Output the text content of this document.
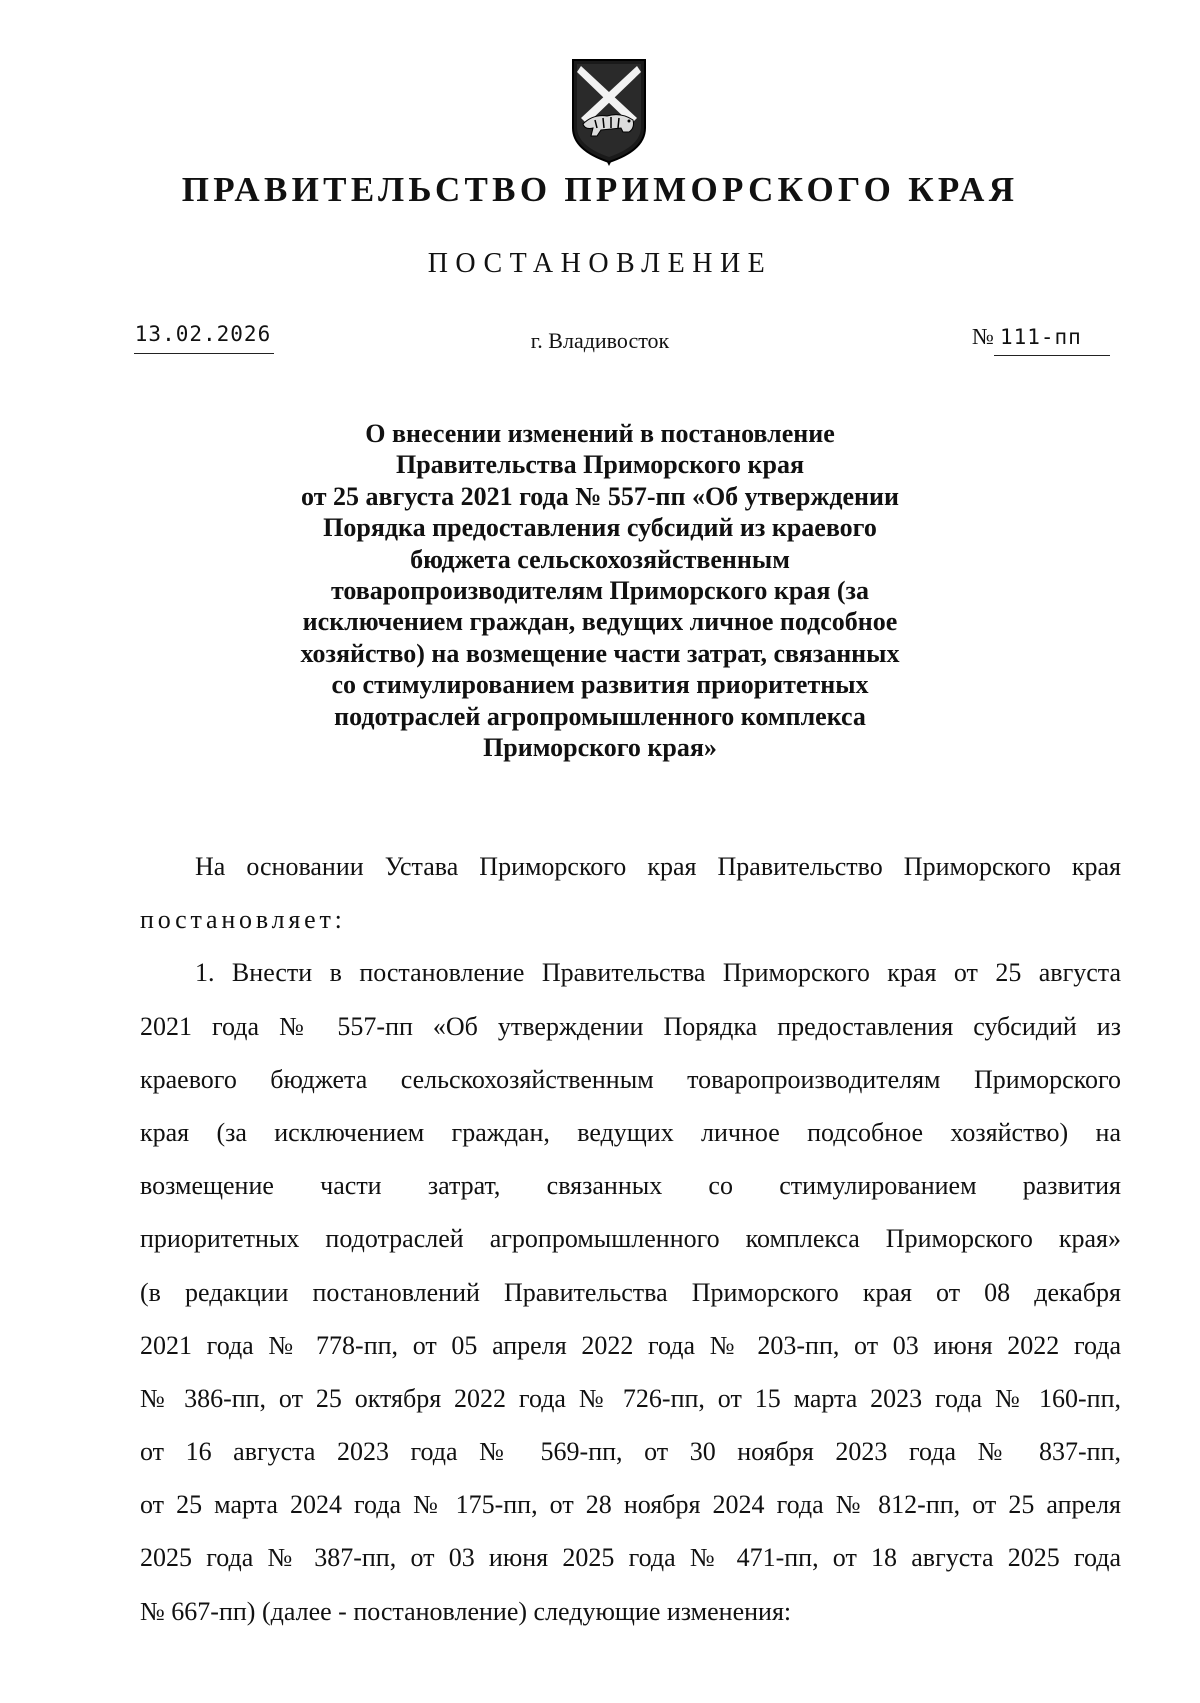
ПРАВИТЕЛЬСТВО ПРИМОРСКОГО КРАЯ
ПОСТАНОВЛЕНИЕ
13.02.2026	г. Владивосток	№ 111-пп
О внесении изменений в постановление
Правительства Приморского края
от 25 августа 2021 года № 557-пп «Об утверждении
Порядка предоставления субсидий из краевого
бюджета сельскохозяйственным
товаропроизводителям Приморского края (за
исключением граждан, ведущих личное подсобное
хозяйство) на возмещение части затрат, связанных
со стимулированием развития приоритетных
подотраслей агропромышленного комплекса
Приморского края»
На основании Устава Приморского края Правительство Приморского края
постановляет:
1. Внести в постановление Правительства Приморского края от 25 августа
2021 года № 557-пп «Об утверждении Порядка предоставления субсидий из
краевого бюджета сельскохозяйственным товаропроизводителям Приморского
края (за исключением граждан, ведущих личное подсобное хозяйство) на
возмещение части затрат, связанных со стимулированием развития
приоритетных подотраслей агропромышленного комплекса Приморского края»
(в редакции постановлений Правительства Приморского края от 08 декабря
2021 года № 778-пп, от 05 апреля 2022 года № 203-пп, от 03 июня 2022 года
№ 386-пп, от 25 октября 2022 года № 726-пп, от 15 марта 2023 года № 160-пп,
от 16 августа 2023 года № 569-пп, от 30 ноября 2023 года № 837-пп,
от 25 марта 2024 года № 175-пп, от 28 ноября 2024 года № 812-пп, от 25 апреля
2025 года № 387-пп, от 03 июня 2025 года № 471-пп, от 18 августа 2025 года
№ 667-пп) (далее - постановление) следующие изменения:
